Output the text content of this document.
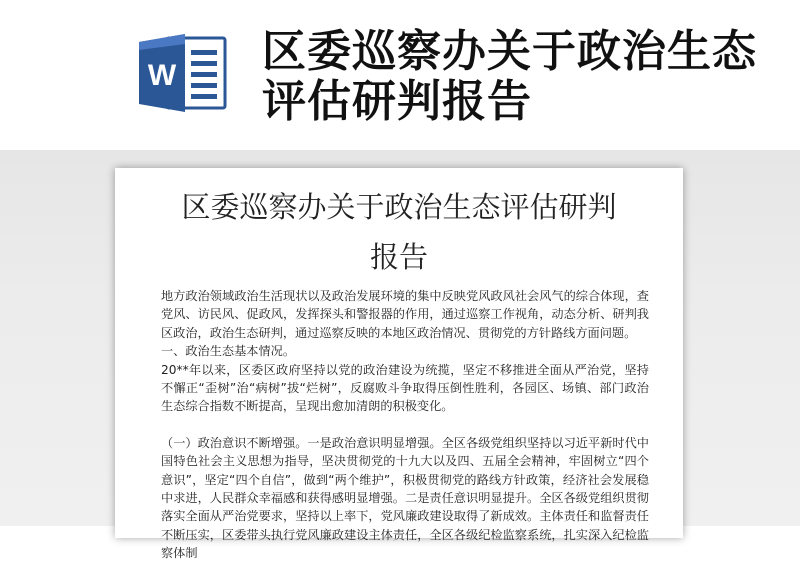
W 区委巡察办关于政治生态评估研判报告
区委巡察办关于政治生态评估研判
报告

地方政治领域政治生活现状以及政治发展环境的集中反映党风政风社会风气的综合体现，查党风、访民风、促政风，发挥探头和警报器的作用，通过巡察工作视角，动态分析、研判我区政治，政治生态研判，通过巡察反映的本地区政治情况、贯彻党的方针路线方面问题。

一、政治生态基本情况。

20**年以来，区委区政府坚持以党的政治建设为统揽，坚定不移推进全面从严治党，坚持不懈正“歪树”治“病树”拔“烂树”，反腐败斗争取得压倒性胜利，各园区、场镇、部门政治生态综合指数不断提高，呈现出愈加清朗的积极变化。

（一）政治意识不断增强。一是政治意识明显增强。全区各级党组织坚持以习近平新时代中国特色社会主义思想为指导，坚决贯彻党的十九大以及四、五届全会精神，牢固树立“四个意识”，坚定“四个自信”，做到“两个维护”，积极贯彻党的路线方针政策，经济社会发展稳中求进，人民群众幸福感和获得感明显增强。二是责任意识明显提升。全区各级党组织贯彻落实全面从严治党要求，坚持以上率下，党风廉政建设取得了新成效。主体责任和监督责任不断压实，区委带头执行党风廉政建设主体责任，全区各级纪检监察系统，扎实深入纪检监察体制
